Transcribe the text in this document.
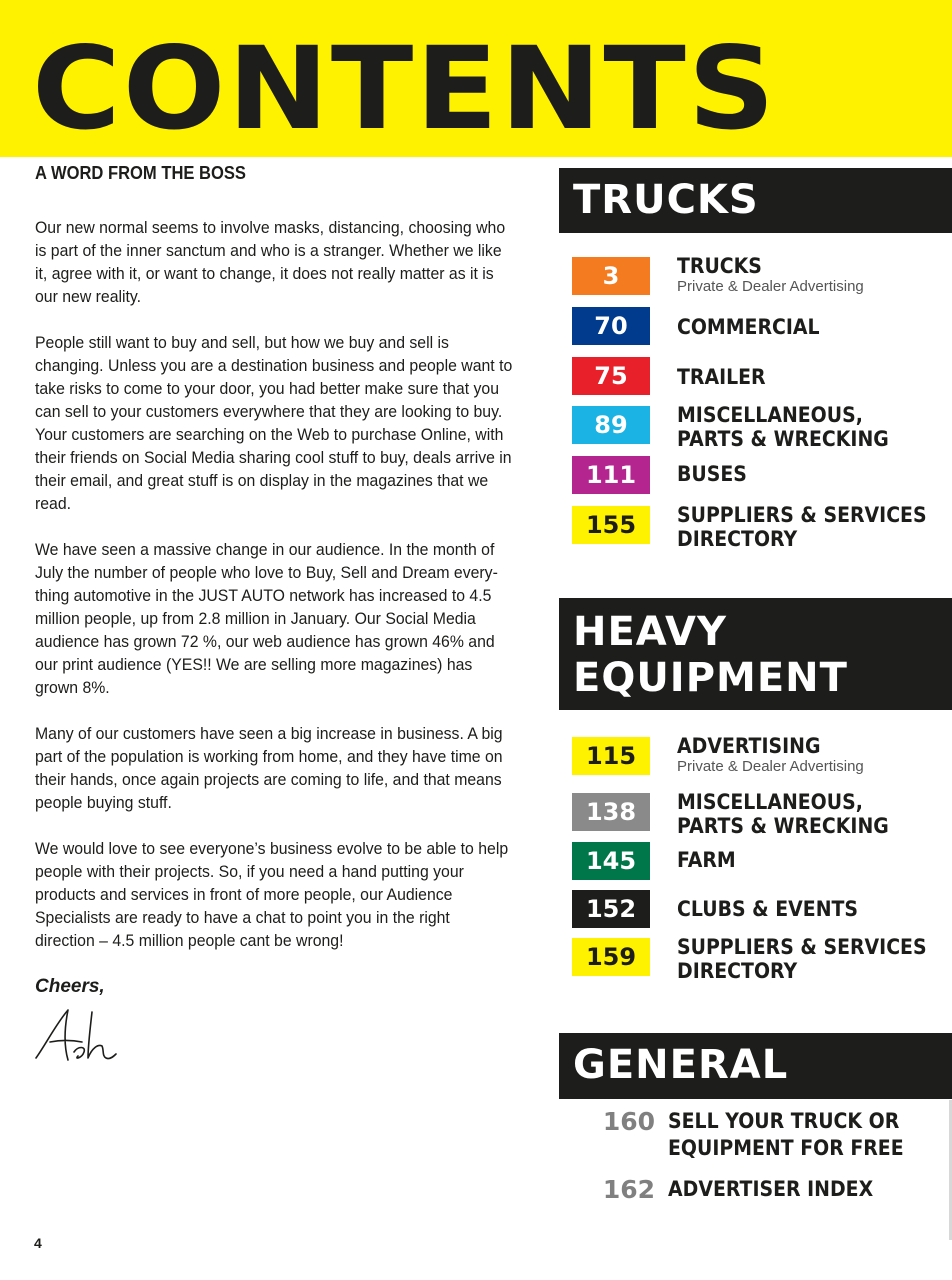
CONTENTS
A WORD FROM THE BOSS

Our new normal seems to involve masks, distancing, choosing who is part of the inner sanctum and who is a stranger. Whether we like it, agree with it, or want to change, it does not really matter as it is our new reality.

People still want to buy and sell, but how we buy and sell is changing. Unless you are a destination business and people want to take risks to come to your door, you had better make sure that you can sell to your customers everywhere that they are looking to buy. Your customers are searching on the Web to purchase Online, with their friends on Social Media sharing cool stuff to buy, deals arrive in their email, and great stuff is on display in the magazines that we read.

We have seen a massive change in our audience. In the month of July the number of people who love to Buy, Sell and Dream every-thing automotive in the JUST AUTO network has increased to 4.5 million people, up from 2.8 million in January. Our Social Media audience has grown 72 %, our web audience has grown 46% and our print audience (YES!! We are selling more magazines) has grown 8%.

Many of our customers have seen a big increase in business. A big part of the population is working from home, and they have time on their hands, once again projects are coming to life, and that means people buying stuff.

We would love to see everyone’s business evolve to be able to help people with their projects. So, if you need a hand putting your products and services in front of more people, our Audience Specialists are ready to have a chat to point you in the right direction – 4.5 million people cant be wrong!

Cheers,
TRUCKS
3	TRUCKS
Private & Dealer Advertising
70	COMMERCIAL
75	TRAILER
89	MISCELLANEOUS,
PARTS & WRECKING
111	BUSES
155	SUPPLIERS & SERVICES
DIRECTORY
HEAVY
EQUIPMENT
115	ADVERTISING
Private & Dealer Advertising
138	MISCELLANEOUS,
PARTS & WRECKING
145	FARM
152	CLUBS & EVENTS
159	SUPPLIERS & SERVICES
DIRECTORY
GENERAL
160 SELL YOUR TRUCK OR
EQUIPMENT FOR FREE
162 ADVERTISER INDEX
4
